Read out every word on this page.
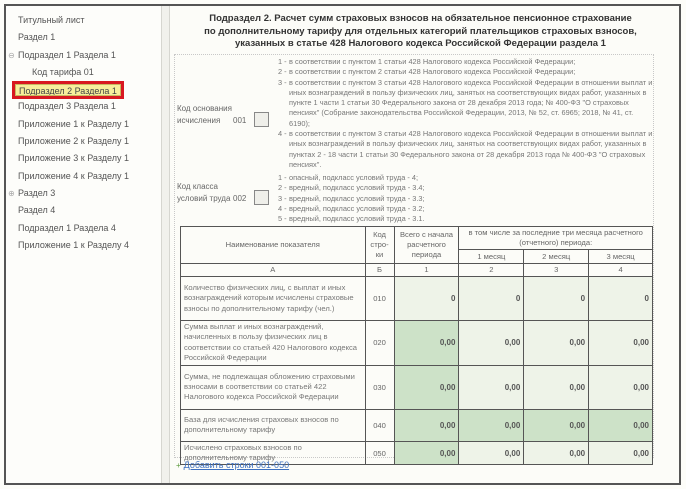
Титульный лист
Раздел 1
⊖ Подраздел 1 Раздела 1
Код тарифа 01
Подраздел 2 Раздела 1
Подраздел 3 Раздела 1
Приложение 1 к Разделу 1
Приложение 2 к Разделу 1
Приложение 3 к Разделу 1
Приложение 4 к Разделу 1
⊕ Раздел 3
Раздел 4
Подраздел 1 Раздела 4
Приложение 1 к Разделу 4
Подраздел 2. Расчет сумм страховых взносов на обязательное пенсионное страхование
по дополнительному тарифу для отдельных категорий плательщиков страховых взносов,
указанных в статье 428 Налогового кодекса Российской Федерации раздела 1
Код основания исчисления	001
1 - в соответствии с пунктом 1 статьи 428 Налогового кодекса Российской Федерации;
2 - в соответствии с пунктом 2 статьи 428 Налогового кодекса Российской Федерации;
3 - в соответствии с пунктом 3 статьи 428 Налогового кодекса Российской Федерации в отношении выплат и иных вознаграждений в пользу физических лиц, занятых на соответствующих видах работ, указанных в пункте 1 части 1 статьи 30 Федерального закона от 28 декабря 2013 года; № 400-ФЗ "О страховых пенсиях" (Собрание законодательства Российской Федерации, 2013, № 52, ст. 6965; 2018, № 41, ст. 6190);
4 - в соответствии с пунктом 3 статьи 428 Налогового кодекса Российской Федерации в отношении выплат и иных вознаграждений в пользу физических лиц, занятых на соответствующих видах работ, указанных в пунктах 2 - 18 части 1 статьи 30 Федерального закона от 28 декабря 2013 года № 400-ФЗ "О страховых пенсиях".
Код класса условий труда 002
1 - опасный, подкласс условий труда - 4;
2 - вредный, подкласс условий труда - 3.4;
3 - вредный, подкласс условий труда - 3.3;
4 - вредный, подкласс условий труда - 3.2;
5 - вредный, подкласс условий труда - 3.1.
Наименование показателя	Код стро-ки	Всего с начала расчетного периода	в том числе за последние три месяца расчетного (отчетного) периода:		
			1 месяц	2 месяц	3 месяц
А	Б	1	2	3	4
Количество физических лиц, с выплат и иных вознаграждений которым исчислены страховые взносы по дополнительному тарифу (чел.)	010	0	0	0	0
Сумма выплат и иных вознаграждений, начисленных в пользу физических лиц в соответствии со статьей 420 Налогового кодекса Российской Федерации	020	0,00	0,00	0,00	0,00
Сумма, не подлежащая обложению страховыми взносами в соответствии со статьей 422 Налогового кодекса Российской Федерации	030	0,00	0,00	0,00	0,00
База для исчисления страховых взносов по дополнительному тарифу	040	0,00	0,00	0,00	0,00
Исчислено страховых взносов по дополнительному тарифу	050	0,00	0,00	0,00	0,00
+ Добавить строки 001-050
